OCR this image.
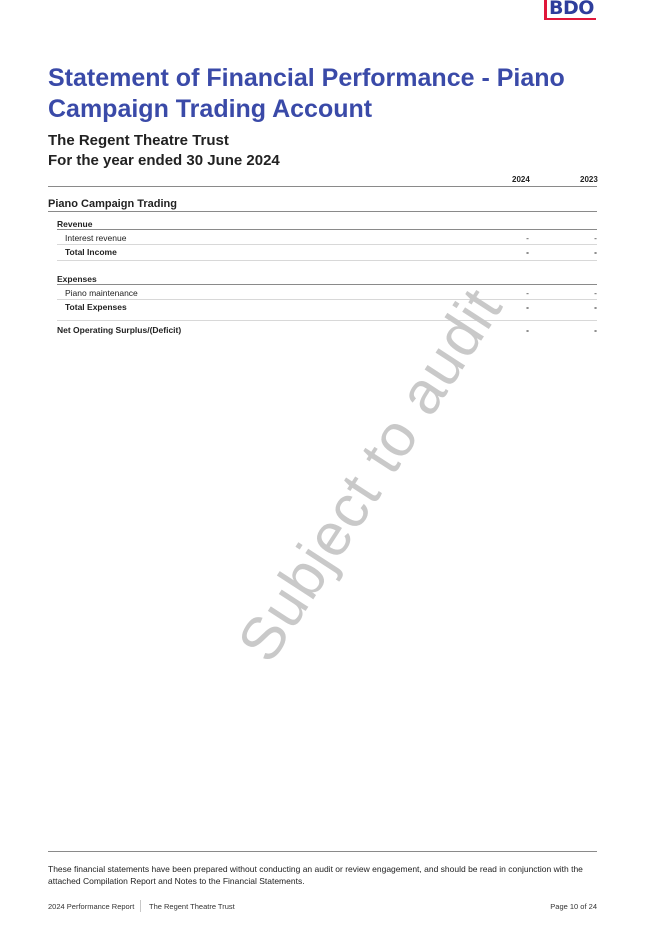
BDO
Statement of Financial Performance - Piano Campaign Trading Account
The Regent Theatre Trust
For the year ended 30 June 2024
2024	2023
Piano Campaign Trading
Revenue
Interest revenue	-	-
Total Income	-	-
Expenses
Piano maintenance	-	-
Total Expenses	-	-
Net Operating Surplus/(Deficit)	-	-
Subject to audit
These financial statements have been prepared without conducting an audit or review engagement, and should be read in conjunction with the attached Compilation Report and Notes to the Financial Statements.
2024 Performance Report The Regent Theatre Trust	Page 10 of 24
